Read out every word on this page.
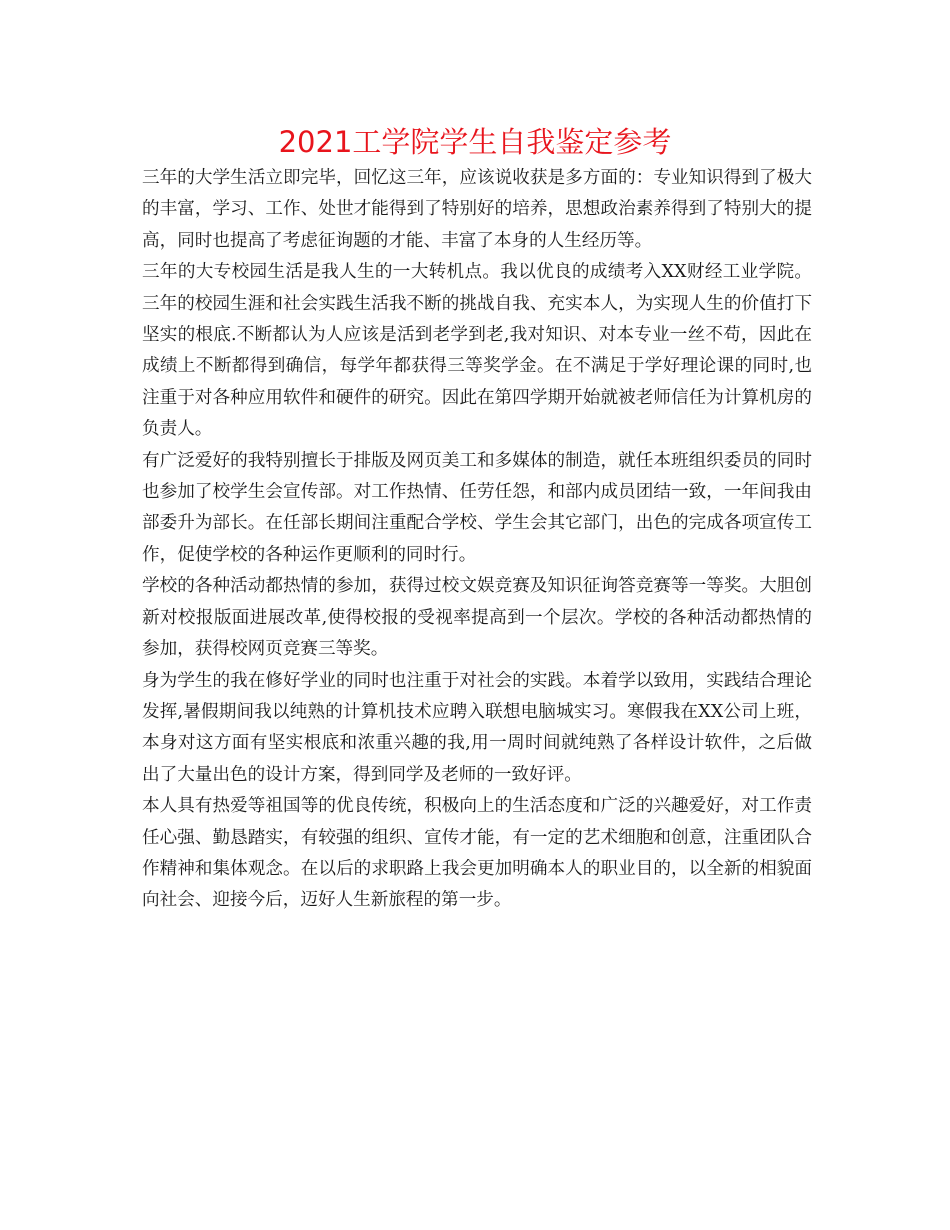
2021工学院学生自我鉴定参考

三年的大学生活立即完毕，回忆这三年，应该说收获是多方面的：专业知识得到了极大的丰富，学习、工作、处世才能得到了特别好的培养，思想政治素养得到了特别大的提高，同时也提高了考虑征询题的才能、丰富了本身的人生经历等。

三年的大专校园生活是我人生的一大转机点。我以优良的成绩考入XX财经工业学院。三年的校园生涯和社会实践生活我不断的挑战自我、充实本人，为实现人生的价值打下坚实的根底.不断都认为人应该是活到老学到老,我对知识、对本专业一丝不苟，因此在成绩上不断都得到确信，每学年都获得三等奖学金。在不满足于学好理论课的同时,也注重于对各种应用软件和硬件的研究。因此在第四学期开始就被老师信任为计算机房的负责人。

有广泛爱好的我特别擅长于排版及网页美工和多媒体的制造，就任本班组织委员的同时也参加了校学生会宣传部。对工作热情、任劳任怨，和部内成员团结一致，一年间我由部委升为部长。在任部长期间注重配合学校、学生会其它部门，出色的完成各项宣传工作，促使学校的各种运作更顺利的同时行。

学校的各种活动都热情的参加，获得过校文娱竞赛及知识征询答竞赛等一等奖。大胆创新对校报版面进展改革,使得校报的受视率提高到一个层次。学校的各种活动都热情的参加，获得校网页竞赛三等奖。

身为学生的我在修好学业的同时也注重于对社会的实践。本着学以致用，实践结合理论发挥,暑假期间我以纯熟的计算机技术应聘入联想电脑城实习。寒假我在XX公司上班，本身对这方面有坚实根底和浓重兴趣的我,用一周时间就纯熟了各样设计软件，之后做出了大量出色的设计方案，得到同学及老师的一致好评。

本人具有热爱等祖国等的优良传统，积极向上的生活态度和广泛的兴趣爱好，对工作责任心强、勤恳踏实，有较强的组织、宣传才能，有一定的艺术细胞和创意，注重团队合作精神和集体观念。在以后的求职路上我会更加明确本人的职业目的，以全新的相貌面向社会、迎接今后，迈好人生新旅程的第一步。
